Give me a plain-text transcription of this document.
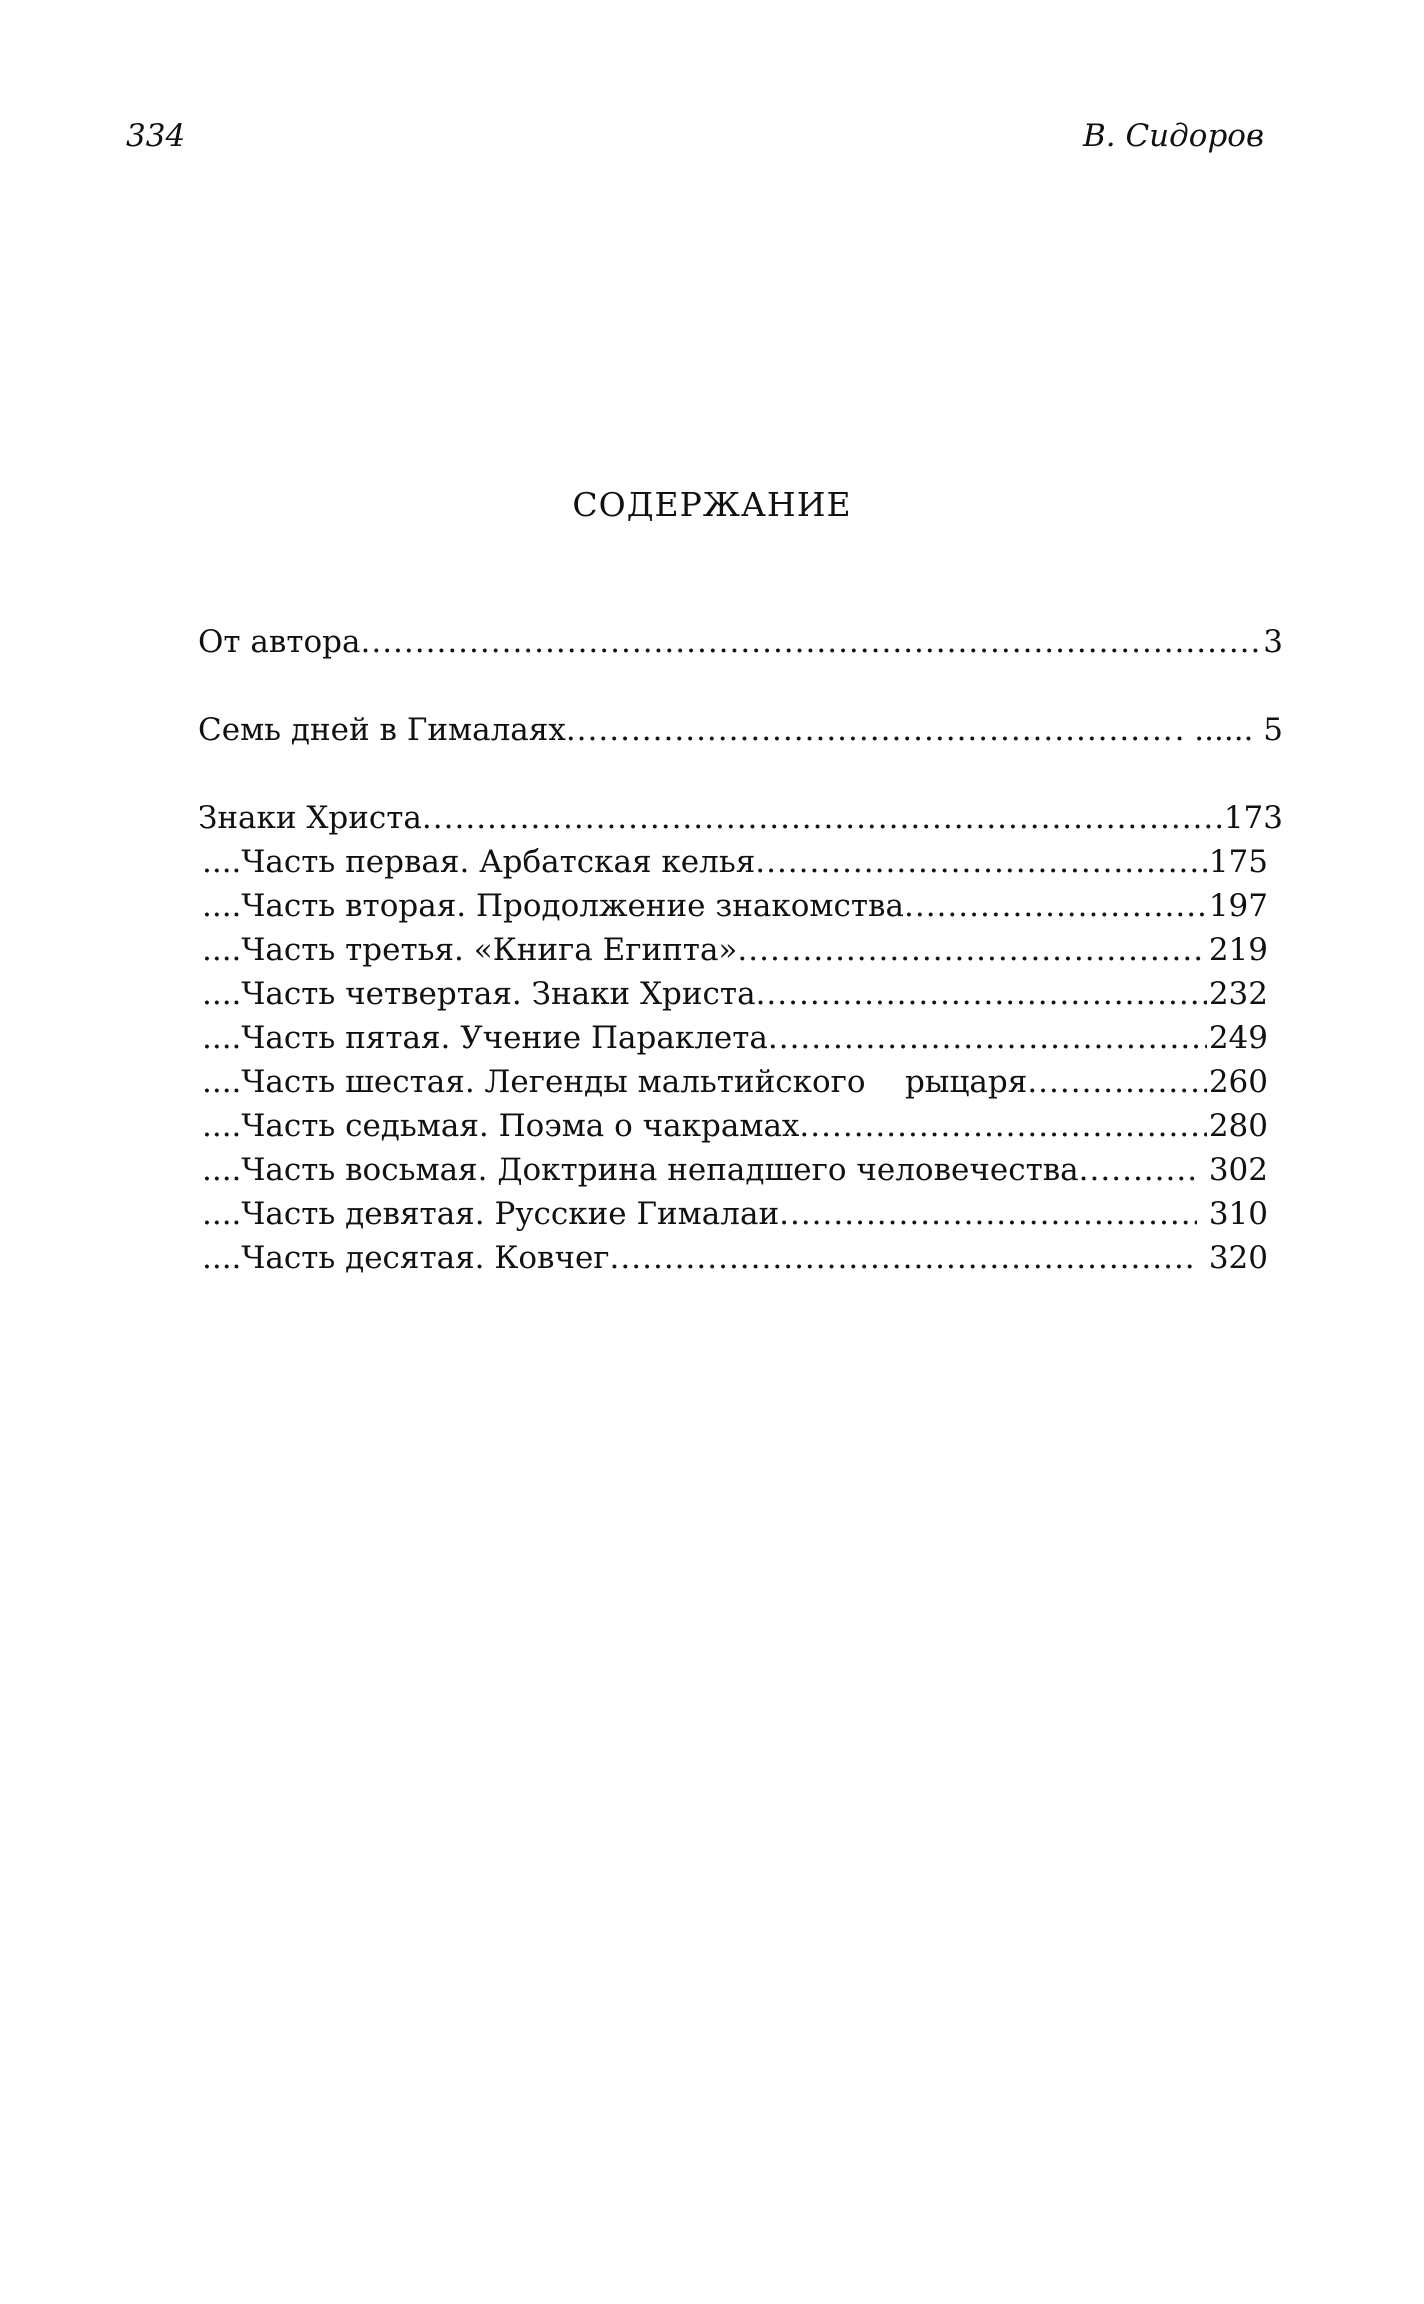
334	В. Сидоров
СОДЕРЖАНИЕ
От автора .....	3
Семь дней в Гималаях .....	. ...... 5
Знаки Христа .....	173
....Часть первая. Арбатская келья .....	175
....Часть вторая. Продолжение знакомства .....	197
....Часть третья. «Книга Египта» .....	219
....Часть четвертая. Знаки Христа .....	232
....Часть пятая. Учение Параклета .....	249
....Часть шестая. Легенды мальтийского    рыцаря .....	260
....Часть седьмая. Поэма о чакрамах .....	280
....Часть восьмая. Доктрина непадшего человечества .....	302
....Часть девятая. Русские Гималаи .....	310
....Часть десятая. Ковчег .....	320
